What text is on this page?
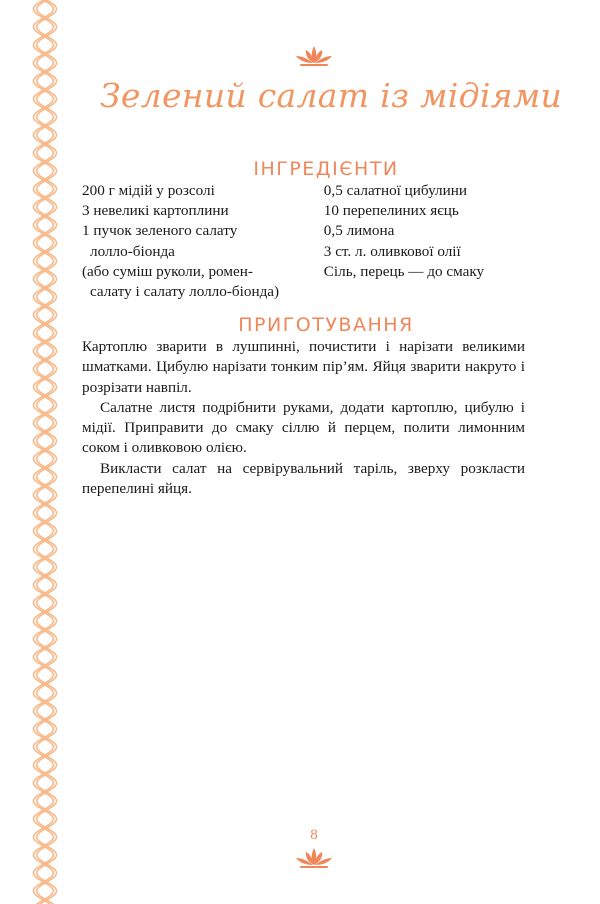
Зелений салат із мідіями
ІНГРЕДІЄНТИ

200 г мідій у розсолі

3 невеликі картоплини

1 пучок зеленого салату

лолло-біонда

(або суміш руколи, ромен-

салату і салату лолло-біонда)

0,5 салатної цибулини

10 перепелиних яєць

0,5 лимона

3 ст. л. оливкової олії

Сіль, перець — до смаку

ПРИГОТУВАННЯ

Картоплю зварити в лушпинні, почистити і нарізати великими шматками. Цибулю нарізати тонким пір’ям. Яйця зварити накруто і розрізати навпіл.

Салатне листя подрібнити руками, додати картоплю, цибулю і мідії. Приправити до смаку сіллю й перцем, полити лимонним соком і оливковою олією.

Викласти салат на сервірувальний таріль, зверху розкласти перепелині яйця.

8
